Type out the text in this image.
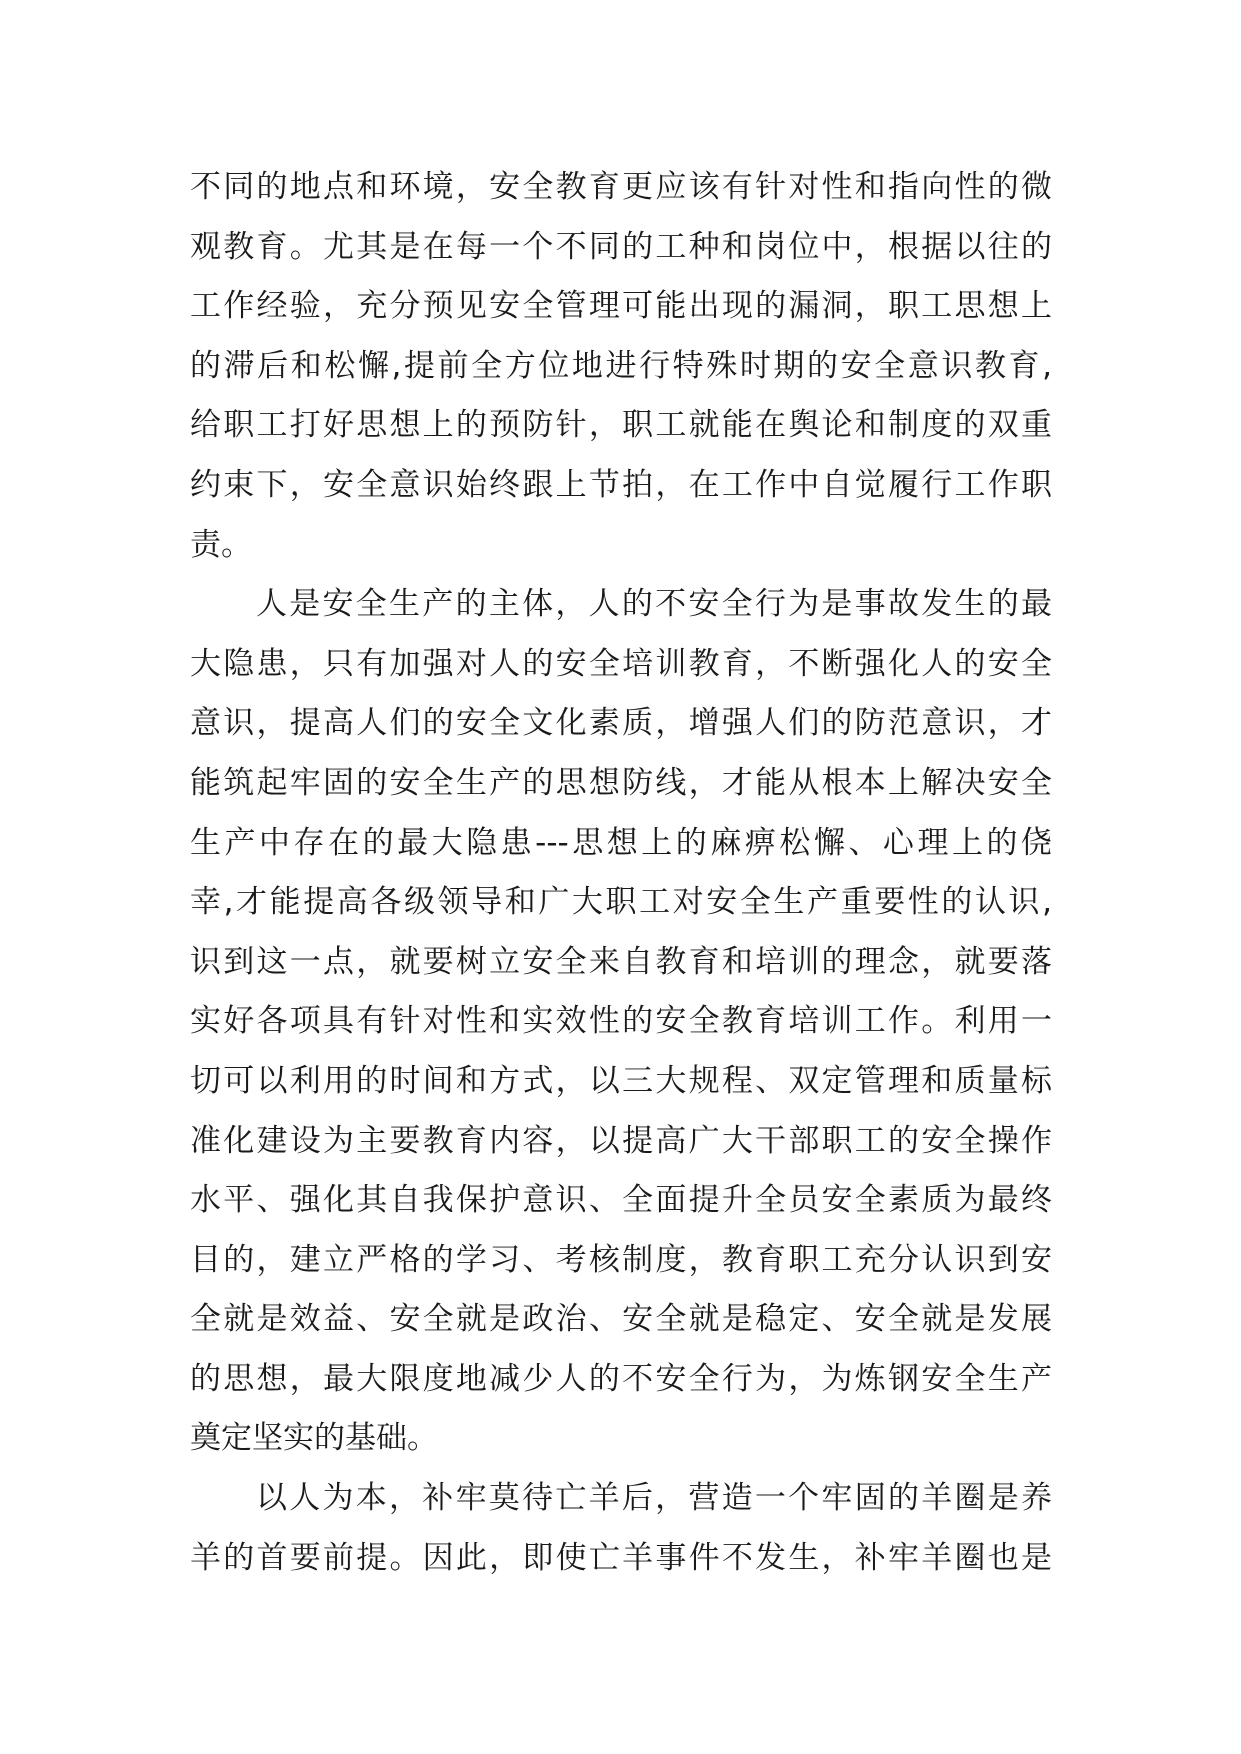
不同的地点和环境，安全教育更应该有针对性和指向性的微
观教育。尤其是在每一个不同的工种和岗位中，根据以往的
工作经验，充分预见安全管理可能出现的漏洞，职工思想上
的滞后和松懈,提前全方位地进行特殊时期的安全意识教育,
给职工打好思想上的预防针，职工就能在舆论和制度的双重
约束下，安全意识始终跟上节拍，在工作中自觉履行工作职
责。
人是安全生产的主体，人的不安全行为是事故发生的最
大隐患，只有加强对人的安全培训教育，不断强化人的安全
意识，提高人们的安全文化素质，增强人们的防范意识，才
能筑起牢固的安全生产的思想防线，才能从根本上解决安全
生产中存在的最大隐患---思想上的麻痹松懈、心理上的侥
幸,才能提高各级领导和广大职工对安全生产重要性的认识,
识到这一点，就要树立安全来自教育和培训的理念，就要落
实好各项具有针对性和实效性的安全教育培训工作。利用一
切可以利用的时间和方式，以三大规程、双定管理和质量标
准化建设为主要教育内容，以提高广大干部职工的安全操作
水平、强化其自我保护意识、全面提升全员安全素质为最终
目的，建立严格的学习、考核制度，教育职工充分认识到安
全就是效益、安全就是政治、安全就是稳定、安全就是发展
的思想，最大限度地减少人的不安全行为，为炼钢安全生产
奠定坚实的基础。
以人为本，补牢莫待亡羊后，营造一个牢固的羊圈是养
羊的首要前提。因此，即使亡羊事件不发生，补牢羊圈也是
